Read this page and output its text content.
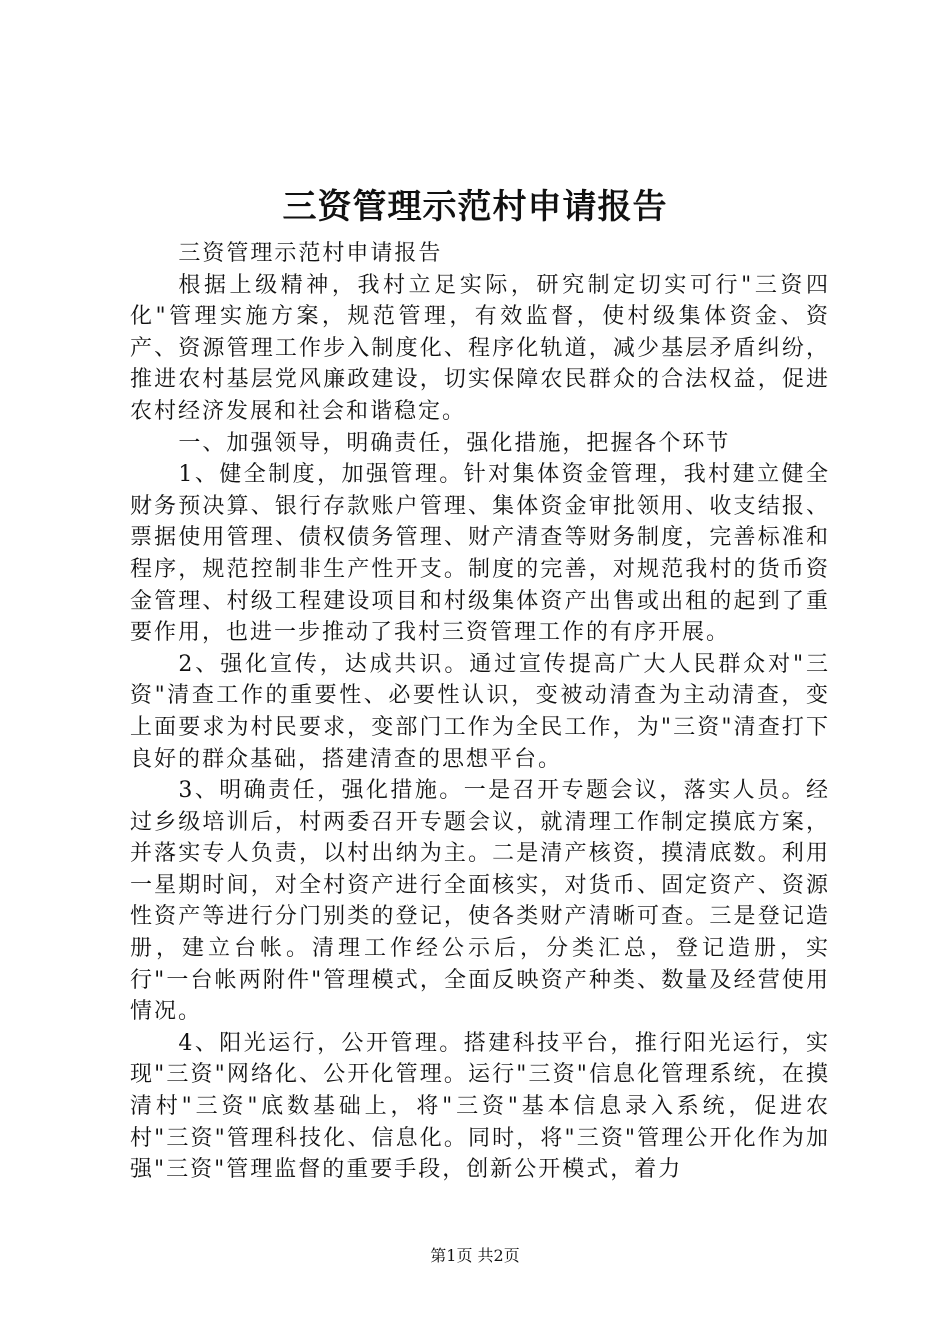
三资管理示范村申请报告

三资管理示范村申请报告

根据上级精神，我村立足实际，研究制定切实可行"三资四化"管理实施方案，规范管理，有效监督，使村级集体资金、资产、资源管理工作步入制度化、程序化轨道，减少基层矛盾纠纷，推进农村基层党风廉政建设，切实保障农民群众的合法权益，促进农村经济发展和社会和谐稳定。

一、加强领导，明确责任，强化措施，把握各个环节

1、健全制度，加强管理。针对集体资金管理，我村建立健全财务预决算、银行存款账户管理、集体资金审批领用、收支结报、票据使用管理、债权债务管理、财产清查等财务制度，完善标准和程序，规范控制非生产性开支。制度的完善，对规范我村的货币资金管理、村级工程建设项目和村级集体资产出售或出租的起到了重要作用，也进一步推动了我村三资管理工作的有序开展。

2、强化宣传，达成共识。通过宣传提高广大人民群众对"三资"清查工作的重要性、必要性认识，变被动清查为主动清查，变上面要求为村民要求，变部门工作为全民工作，为"三资"清查打下良好的群众基础，搭建清查的思想平台。

3、明确责任，强化措施。一是召开专题会议，落实人员。经过乡级培训后，村两委召开专题会议，就清理工作制定摸底方案，并落实专人负责，以村出纳为主。二是清产核资，摸清底数。利用一星期时间，对全村资产进行全面核实，对货币、固定资产、资源性资产等进行分门别类的登记，使各类财产清晰可查。三是登记造册，建立台帐。清理工作经公示后，分类汇总，登记造册，实行"一台帐两附件"管理模式，全面反映资产种类、数量及经营使用情况。

4、阳光运行，公开管理。搭建科技平台，推行阳光运行，实现"三资"网络化、公开化管理。运行"三资"信息化管理系统，在摸清村"三资"底数基础上，将"三资"基本信息录入系统，促进农村"三资"管理科技化、信息化。同时，将"三资"管理公开化作为加强"三资"管理监督的重要手段，创新公开模式，着力

第1页 共2页
